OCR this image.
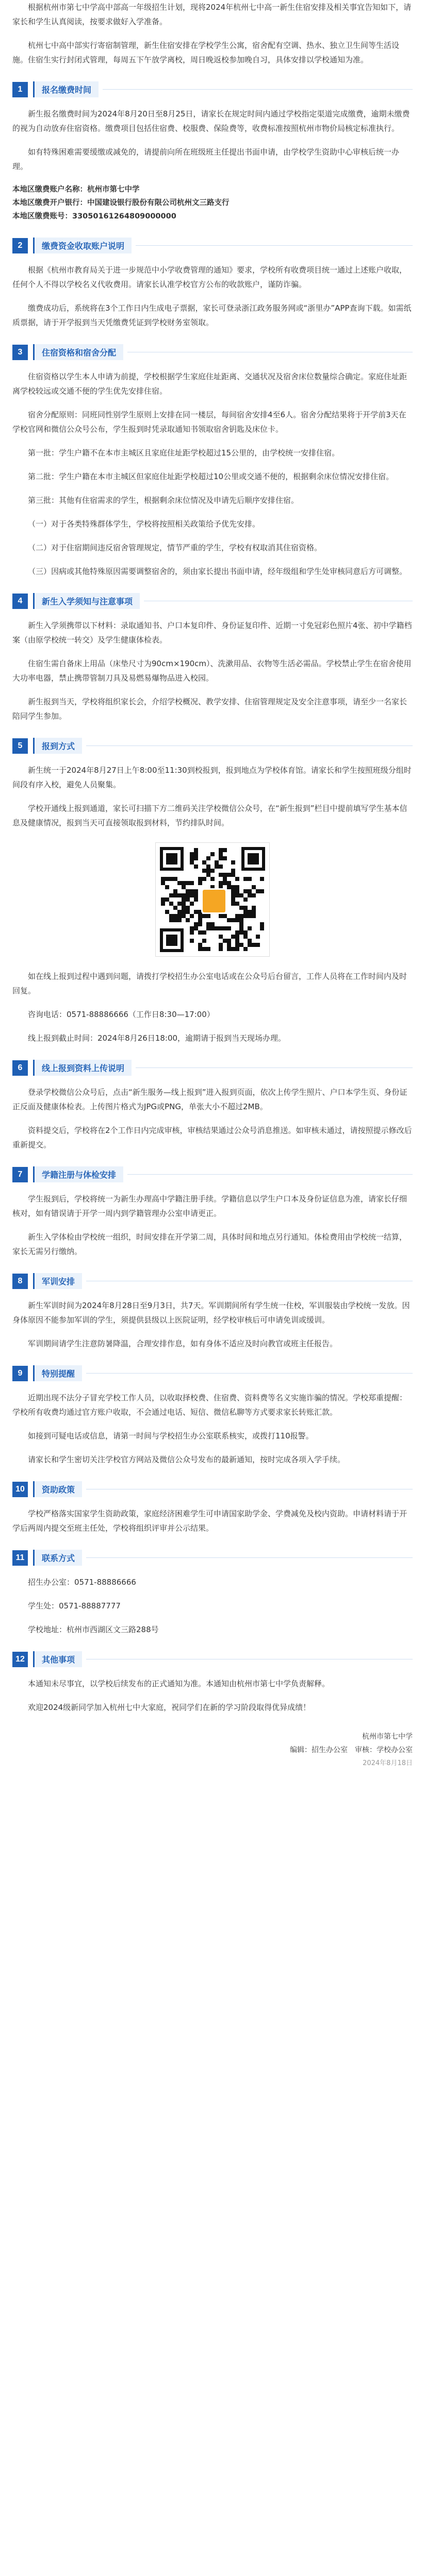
根据杭州市第七中学高中部高一年级招生计划，现将2024年杭州七中高一新生住宿安排及相关事宜告知如下，请家长和学生认真阅读，按要求做好入学准备。

杭州七中高中部实行寄宿制管理，新生住宿安排在学校学生公寓，宿舍配有空调、热水、独立卫生间等生活设施。住宿生实行封闭式管理，每周五下午放学离校，周日晚返校参加晚自习，具体安排以学校通知为准。

1	报名缴费时间

新生报名缴费时间为2024年8月20日至8月25日，请家长在规定时间内通过学校指定渠道完成缴费，逾期未缴费的视为自动放弃住宿资格。缴费项目包括住宿费、校服费、保险费等，收费标准按照杭州市物价局核定标准执行。

如有特殊困难需要缓缴或减免的，请提前向所在班级班主任提出书面申请，由学校学生资助中心审核后统一办理。

本地区缴费账户名称：杭州市第七中学
本地区缴费开户银行：中国建设银行股份有限公司杭州文三路支行
本地区缴费账号：33050161264809000000
2	缴费资金收取账户说明

根据《杭州市教育局关于进一步规范中小学收费管理的通知》要求，学校所有收费项目统一通过上述账户收取，任何个人不得以学校名义代收费用。请家长认准学校官方公布的收款账户，谨防诈骗。

缴费成功后，系统将在3个工作日内生成电子票据，家长可登录浙江政务服务网或“浙里办”APP查询下载。如需纸质票据，请于开学报到当天凭缴费凭证到学校财务室领取。

3	住宿资格和宿舍分配

住宿资格以学生本人申请为前提，学校根据学生家庭住址距离、交通状况及宿舍床位数量综合确定。家庭住址距离学校较远或交通不便的学生优先安排住宿。

宿舍分配原则：同班同性别学生原则上安排在同一楼层，每间宿舍安排4至6人。宿舍分配结果将于开学前3天在学校官网和微信公众号公布，学生报到时凭录取通知书领取宿舍钥匙及床位卡。

第一批：学生户籍不在本市主城区且家庭住址距学校超过15公里的，由学校统一安排住宿。

第二批：学生户籍在本市主城区但家庭住址距学校超过10公里或交通不便的，根据剩余床位情况安排住宿。

第三批：其他有住宿需求的学生，根据剩余床位情况及申请先后顺序安排住宿。

（一）对于各类特殊群体学生，学校将按照相关政策给予优先安排。

（二）对于住宿期间违反宿舍管理规定，情节严重的学生，学校有权取消其住宿资格。

（三）因病或其他特殊原因需要调整宿舍的，须由家长提出书面申请，经年级组和学生处审核同意后方可调整。

4	新生入学须知与注意事项

新生入学须携带以下材料：录取通知书、户口本复印件、身份证复印件、近期一寸免冠彩色照片4张、初中学籍档案（由原学校统一转交）及学生健康体检表。

住宿生需自备床上用品（床垫尺寸为90cm×190cm）、洗漱用品、衣物等生活必需品。学校禁止学生在宿舍使用大功率电器，禁止携带管制刀具及易燃易爆物品进入校园。

新生报到当天，学校将组织家长会，介绍学校概况、教学安排、住宿管理规定及安全注意事项，请至少一名家长陪同学生参加。

5	报到方式

新生统一于2024年8月27日上午8:00至11:30到校报到，报到地点为学校体育馆。请家长和学生按照班级分组时间段有序入校，避免人员聚集。

学校开通线上报到通道，家长可扫描下方二维码关注学校微信公众号，在“新生报到”栏目中提前填写学生基本信息及健康情况，报到当天可直接领取报到材料，节约排队时间。

如在线上报到过程中遇到问题，请拨打学校招生办公室电话或在公众号后台留言，工作人员将在工作时间内及时回复。

咨询电话：0571-88886666（工作日8:30—17:00）

线上报到截止时间：2024年8月26日18:00，逾期请于报到当天现场办理。

6	线上报到资料上传说明

登录学校微信公众号后，点击“新生服务—线上报到”进入报到页面，依次上传学生照片、户口本学生页、身份证正反面及健康体检表。上传图片格式为JPG或PNG，单张大小不超过2MB。

资料提交后，学校将在2个工作日内完成审核，审核结果通过公众号消息推送。如审核未通过，请按照提示修改后重新提交。

7	学籍注册与体检安排

学生报到后，学校将统一为新生办理高中学籍注册手续。学籍信息以学生户口本及身份证信息为准，请家长仔细核对，如有错误请于开学一周内到学籍管理办公室申请更正。

新生入学体检由学校统一组织，时间安排在开学第二周，具体时间和地点另行通知。体检费用由学校统一结算，家长无需另行缴纳。

8	军训安排

新生军训时间为2024年8月28日至9月3日，共7天。军训期间所有学生统一住校，军训服装由学校统一发放。因身体原因不能参加军训的学生，须提供县级以上医院证明，经学校审核后可申请免训或缓训。

军训期间请学生注意防暑降温，合理安排作息，如有身体不适应及时向教官或班主任报告。

9	特别提醒

近期出现不法分子冒充学校工作人员，以收取择校费、住宿费、资料费等名义实施诈骗的情况。学校郑重提醒：学校所有收费均通过官方账户收取，不会通过电话、短信、微信私聊等方式要求家长转账汇款。

如接到可疑电话或信息，请第一时间与学校招生办公室联系核实，或拨打110报警。

请家长和学生密切关注学校官方网站及微信公众号发布的最新通知，按时完成各项入学手续。

10	资助政策

学校严格落实国家学生资助政策，家庭经济困难学生可申请国家助学金、学费减免及校内资助。申请材料请于开学后两周内提交至班主任处，学校将组织评审并公示结果。

11	联系方式

招生办公室：0571-88886666

学生处：0571-88887777

学校地址：杭州市西湖区文三路288号

12	其他事项

本通知未尽事宜，以学校后续发布的正式通知为准。本通知由杭州市第七中学负责解释。

欢迎2024级新同学加入杭州七中大家庭，祝同学们在新的学习阶段取得优异成绩！

杭州市第七中学
编辑：招生办公室　审核：学校办公室
2024年8月18日
